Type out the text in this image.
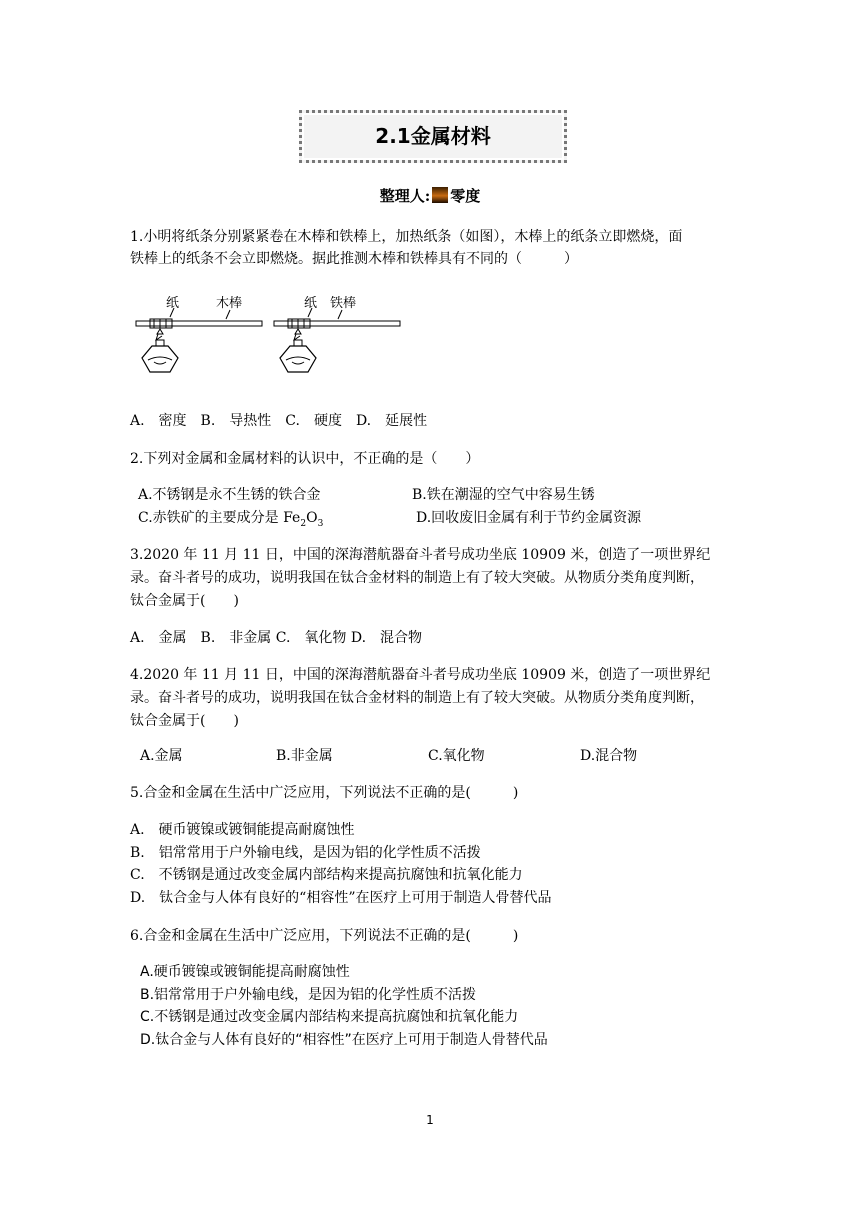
2.1金属材料
整理人: 零度
1.小明将纸条分别紧紧卷在木棒和铁棒上，加热纸条（如图），木棒上的纸条立即燃烧，面
铁棒上的纸条不会立即燃烧。据此推测木棒和铁棒具有不同的（　　　）
纸	木棒	纸 铁棒
A.　密度　B.　导热性　C.　硬度　D.　延展性
2.下列对金属和金属材料的认识中，不正确的是（　　）
A.不锈钢是永不生锈的铁合金	B.铁在潮湿的空气中容易生锈
C.赤铁矿的主要成分是 $Fe_2O_3$	D.回收废旧金属有利于节约金属资源
3.2020 年 11 月 11 日，中国的深海潜航器奋斗者号成功坐底 10909 米，创造了一项世界纪
录。奋斗者号的成功，说明我国在钛合金材料的制造上有了较大突破。从物质分类角度判断，
钛合金属于(　　)
A.　金属　B.　非金属 C.　氧化物 D.　混合物
4.2020 年 11 月 11 日，中国的深海潜航器奋斗者号成功坐底 10909 米，创造了一项世界纪
录。奋斗者号的成功，说明我国在钛合金材料的制造上有了较大突破。从物质分类角度判断，
钛合金属于(　　)
A.金属	B.非金属	C.氧化物	D.混合物
5.合金和金属在生活中广泛应用，下列说法不正确的是(　　　)
A.　硬币镀镍或镀铜能提高耐腐蚀性
B.　铝常常用于户外输电线，是因为铝的化学性质不活拨
C.　不锈钢是通过改变金属内部结构来提高抗腐蚀和抗氧化能力
D.　钛合金与人体有良好的“相容性”在医疗上可用于制造人骨替代品
6.合金和金属在生活中广泛应用，下列说法不正确的是(　　　)
A.硬币镀镍或镀铜能提高耐腐蚀性
B.铝常常用于户外输电线，是因为铝的化学性质不活拨
C.不锈钢是通过改变金属内部结构来提高抗腐蚀和抗氧化能力
D.钛合金与人体有良好的“相容性”在医疗上可用于制造人骨替代品
1
